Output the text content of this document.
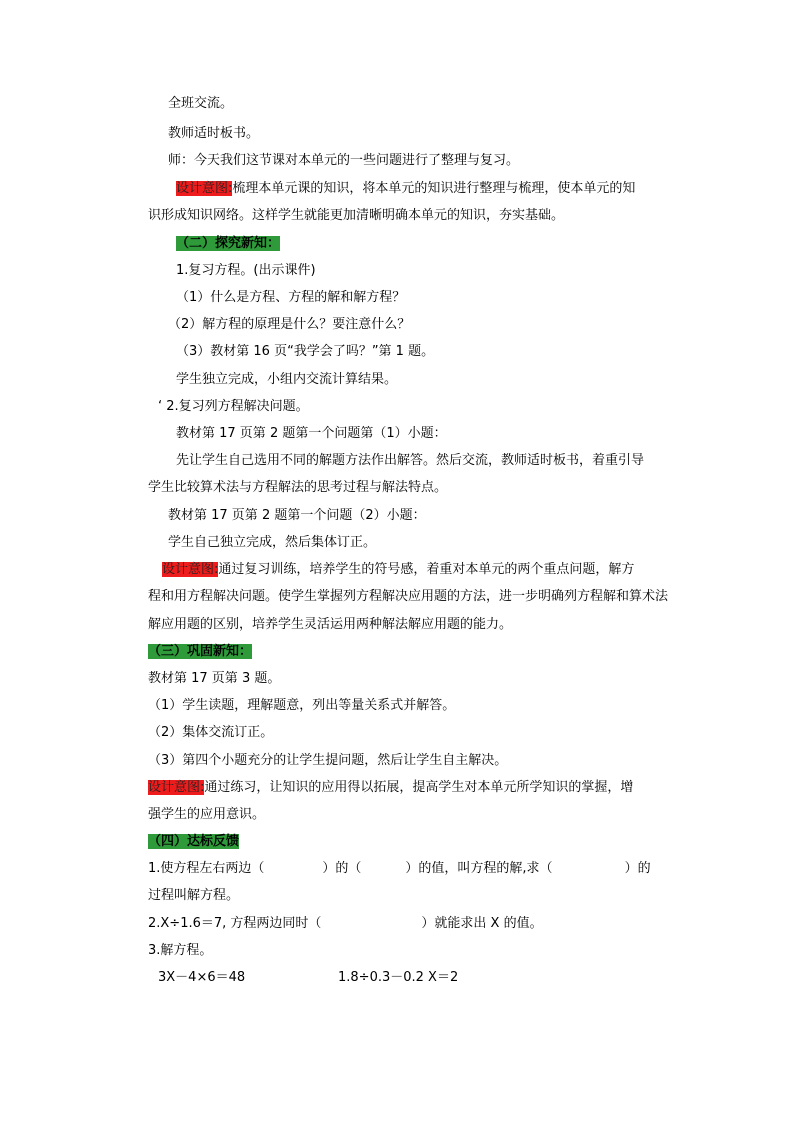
全班交流。
教师适时板书。
师：今天我们这节课对本单元的一些问题进行了整理与复习。
设计意图:梳理本单元课的知识，将本单元的知识进行整理与梳理，使本单元的知
识形成知识网络。这样学生就能更加清晰明确本单元的知识，夯实基础。
（二）探究新知：
1.复习方程。(出示课件)
（1）什么是方程、方程的解和解方程？
（2）解方程的原理是什么？要注意什么？
（3）教材第 16 页“我学会了吗？”第 1 题。
学生独立完成，小组内交流计算结果。
‘ 2.复习列方程解决问题。
教材第 17 页第 2 题第一个问题第（1）小题：
先让学生自己选用不同的解题方法作出解答。然后交流，教师适时板书，着重引导
学生比较算术法与方程解法的思考过程与解法特点。
教材第 17 页第 2 题第一个问题（2）小题：
学生自己独立完成，然后集体订正。
设计意图:通过复习训练，培养学生的符号感，着重对本单元的两个重点问题，解方
程和用方程解决问题。使学生掌握列方程解决应用题的方法，进一步明确列方程解和算术法
解应用题的区别，培养学生灵活运用两种解法解应用题的能力。
（三）巩固新知：
教材第 17 页第 3 题。
（1）学生读题，理解题意，列出等量关系式并解答。
（2）集体交流订正。
（3）第四个小题充分的让学生提问题，然后让学生自主解决。
设计意图:通过练习，让知识的应用得以拓展，提高学生对本单元所学知识的掌握，增
强学生的应用意识。
（四）达标反馈
1.使方程左右两边（	）的（	）的值，叫方程的解,求（	）的
过程叫解方程。
2.X÷1.6＝7, 方程两边同时（	）就能求出 X 的值。
3.解方程。
3X－4×6＝48	1.8÷0.3－0.2 X＝2
